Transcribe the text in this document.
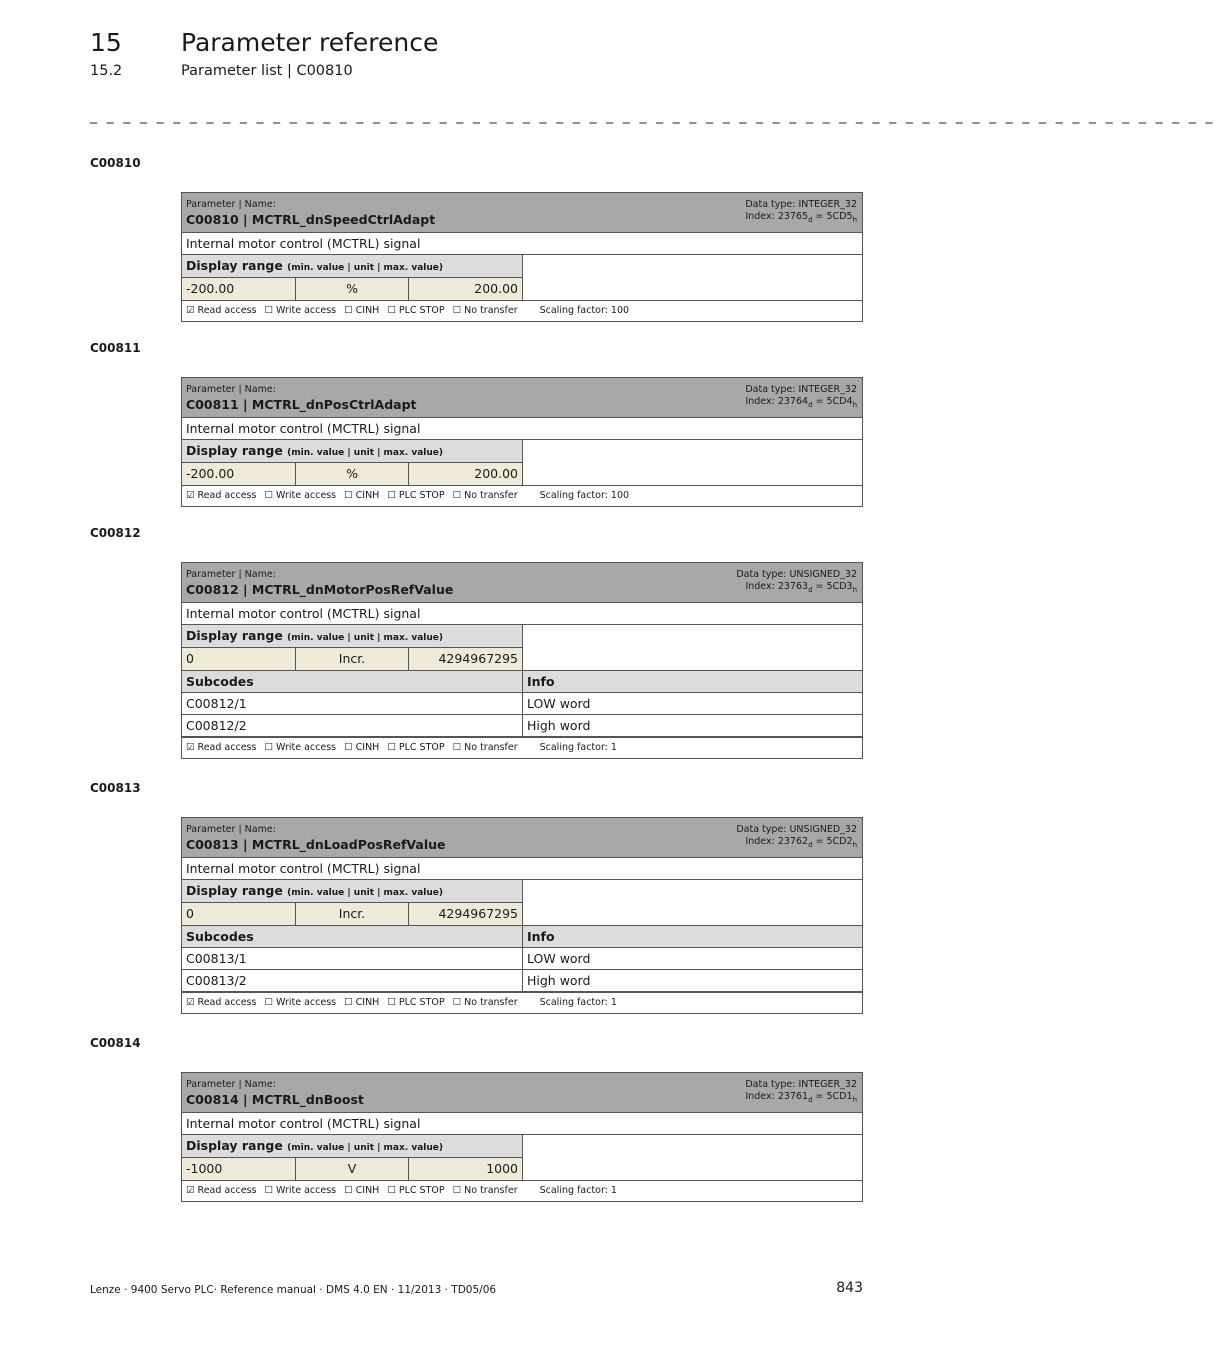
15 Parameter reference
15.2	Parameter list | C00810
_ _ _ _ _ _ _ _ _ _ _ _ _ _ _ _ _ _ _ _ _ _ _ _ _ _ _ _ _ _ _ _ _ _ _ _ _ _ _ _ _ _ _ _ _ _ _ _ _ _ _ _ _ _ _ _ _ _ _ _ _ _ _ _ _ _ _ _
C00810
Parameter | Name:
C00810 | MCTRL_dnSpeedCtrlAdapt
Data type: INTEGER_32
Index: $23765_d = 5CD5_h$
Internal motor control (MCTRL) signal
Display range (min. value | unit | max. value)
-200.00	%	200.00
☑ Read access ☐ Write access ☐ CINH ☐ PLC STOP ☐ No transfer Scaling factor: 100
C00811
Parameter | Name:
C00811 | MCTRL_dnPosCtrlAdapt
Data type: INTEGER_32
Index: $23764_d = 5CD4_h$
Internal motor control (MCTRL) signal
Display range (min. value | unit | max. value)
-200.00	%	200.00
☑ Read access ☐ Write access ☐ CINH ☐ PLC STOP ☐ No transfer Scaling factor: 100
C00812
Parameter | Name:
C00812 | MCTRL_dnMotorPosRefValue
Data type: UNSIGNED_32
Index: $23763_d = 5CD3_h$
Internal motor control (MCTRL) signal
Display range (min. value | unit | max. value)
0	Incr.	4294967295
Subcodes	Info
C00812/1	LOW word
C00812/2	High word
☑ Read access ☐ Write access ☐ CINH ☐ PLC STOP ☐ No transfer Scaling factor: 1
C00813
Parameter | Name:
C00813 | MCTRL_dnLoadPosRefValue
Data type: UNSIGNED_32
Index: $23762_d = 5CD2_h$
Internal motor control (MCTRL) signal
Display range (min. value | unit | max. value)
0	Incr.	4294967295
Subcodes	Info
C00813/1	LOW word
C00813/2	High word
☑ Read access ☐ Write access ☐ CINH ☐ PLC STOP ☐ No transfer Scaling factor: 1
C00814
Parameter | Name:
C00814 | MCTRL_dnBoost
Data type: INTEGER_32
Index: $23761_d = 5CD1_h$
Internal motor control (MCTRL) signal
Display range (min. value | unit | max. value)
-1000	V	1000
☑ Read access ☐ Write access ☐ CINH ☐ PLC STOP ☐ No transfer Scaling factor: 1
Lenze · 9400 Servo PLC· Reference manual · DMS 4.0 EN · 11/2013 · TD05/06	843
